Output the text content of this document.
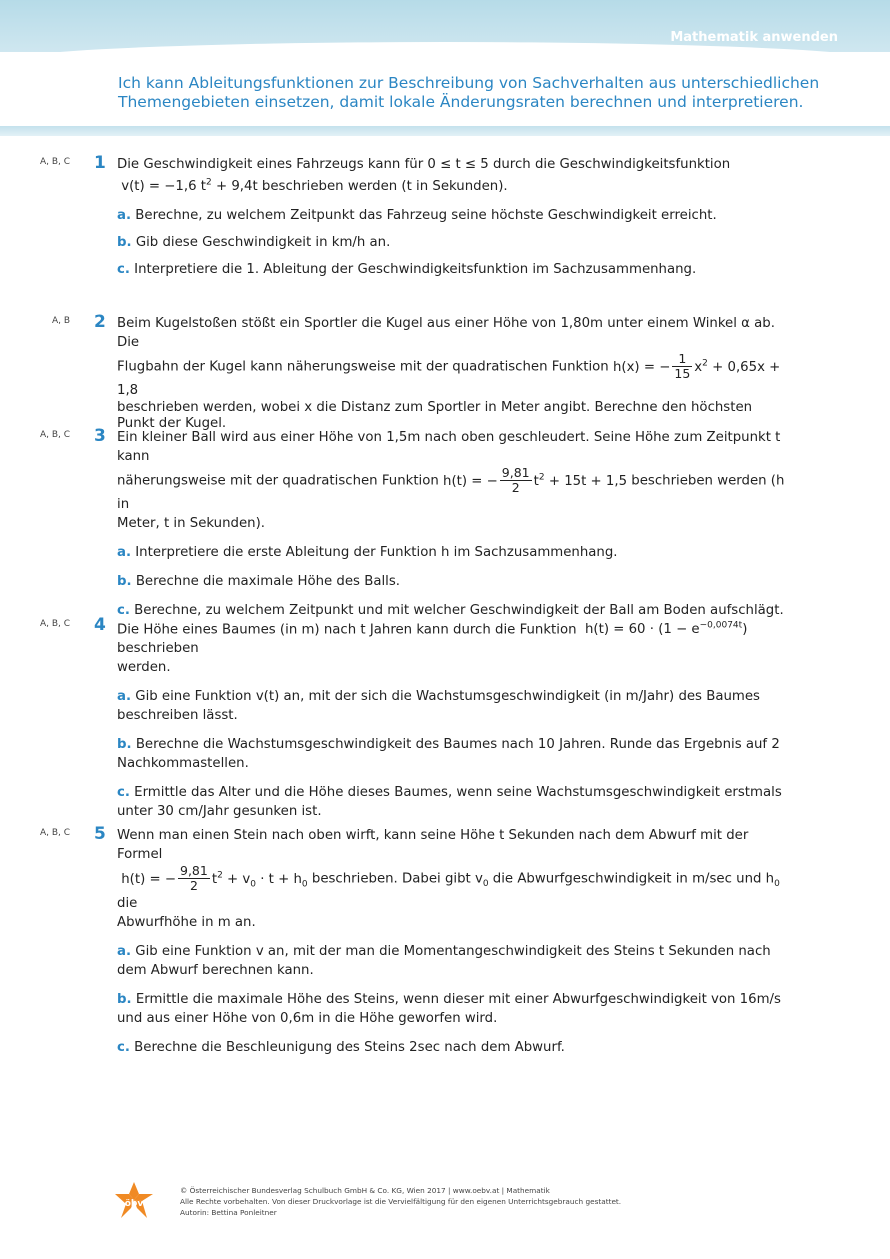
Mathematik anwenden
Ich kann Ableitungsfunktionen zur Beschreibung von Sachverhalten aus unterschiedlichen Themengebieten einsetzen, damit lokale Änderungsraten berechnen und interpretieren.
A, B, C 1 Die Geschwindigkeit eines Fahrzeugs kann für 0 ≤ t ≤ 5 durch die Geschwindigkeitsfunktion
v(t) = −1,6 $t^2 + 9,4t$ beschrieben werden (t in Sekunden).
a. Berechne, zu welchem Zeitpunkt das Fahrzeug seine höchste Geschwindigkeit erreicht.
b. Gib diese Geschwindigkeit in km/h an.
c. Interpretiere die 1. Ableitung der Geschwindigkeitsfunktion im Sachzusammenhang.
A, B 2 Beim Kugelstoßen stößt ein Sportler die Kugel aus einer Höhe von 1,80m unter einem Winkel α ab. Die
Flugbahn der Kugel kann näherungsweise mit der quadratischen Funktion h(x) = − $\frac{1}{15} x^2 + 0,65x + 1,8$

beschrieben werden, wobei x die Distanz zum Sportler in Meter angibt. Berechne den höchsten Punkt der Kugel.
A, B, C 3 Ein kleiner Ball wird aus einer Höhe von 1,5m nach oben geschleudert. Seine Höhe zum Zeitpunkt t kann
näherungsweise mit der quadratischen Funktion h(t) = − $\frac{9,81}{2} t^2 + 15t + 1,5$ beschrieben werden (h in
Meter, t in Sekunden).
a. Interpretiere die erste Ableitung der Funktion h im Sachzusammenhang.
b. Berechne die maximale Höhe des Balls.
c. Berechne, zu welchem Zeitpunkt und mit welcher Geschwindigkeit der Ball am Boden aufschlägt.
A, B, C 4 Die Höhe eines Baumes (in m) nach t Jahren kann durch die Funktion $h(t) = 60 \cdot (1 - e^{-0,0074t})$ beschrieben
werden.
a. Gib eine Funktion v(t) an, mit der sich die Wachstumsgeschwindigkeit (in m/Jahr) des Baumes beschreiben lässt.
b. Berechne die Wachstumsgeschwindigkeit des Baumes nach 10 Jahren. Runde das Ergebnis auf 2 Nachkommastellen.
c. Ermittle das Alter und die Höhe dieses Baumes, wenn seine Wachstumsgeschwindigkeit erstmals unter 30 cm/Jahr gesunken ist.
A, B, C 5 Wenn man einen Stein nach oben wirft, kann seine Höhe t Sekunden nach dem Abwurf mit der Formel
h(t) = − $\frac{9,81}{2} t^2 + v_0 \cdot t + h_0$ beschrieben. Dabei gibt $v_0$ die Abwurfgeschwindigkeit in m/sec und $h_0$ die
Abwurfhöhe in m an.
a. Gib eine Funktion v an, mit der man die Momentangeschwindigkeit des Steins t Sekunden nach dem Abwurf berechnen kann.
b. Ermittle die maximale Höhe des Steins, wenn dieser mit einer Abwurfgeschwindigkeit von 16m/s und aus einer Höhe von 0,6m in die Höhe geworfen wird.
c. Berechne die Beschleunigung des Steins 2sec nach dem Abwurf.
öbv
© Österreichischer Bundesverlag Schulbuch GmbH & Co. KG, Wien 2017 | www.oebv.at | Mathematik
Alle Rechte vorbehalten. Von dieser Druckvorlage ist die Vervielfältigung für den eigenen Unterrichtsgebrauch gestattet.
Autorin: Bettina Ponleitner
